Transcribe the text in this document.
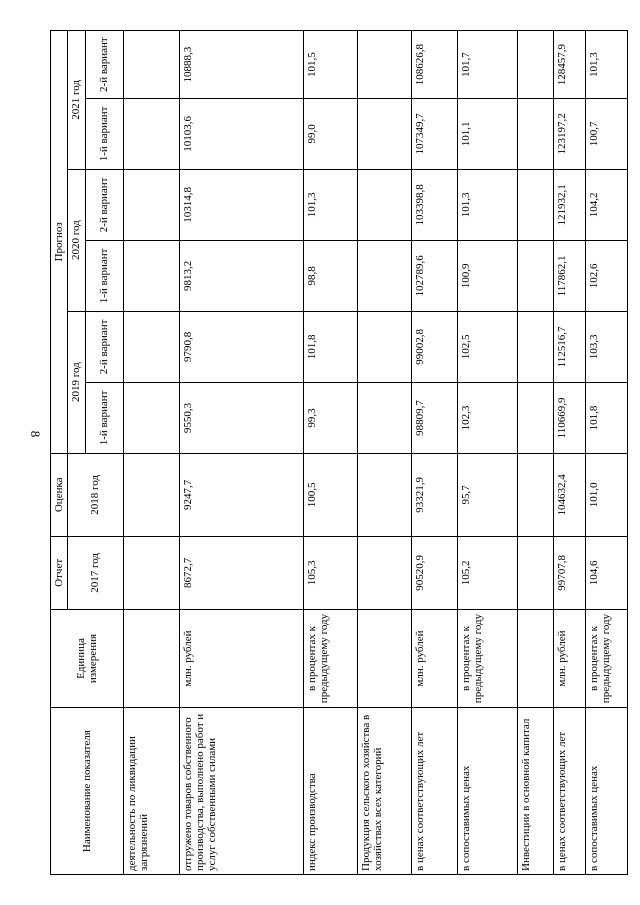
8
Наименование показателя	Единица измерения	Отчет	Оценка	Прогноз					
		2017 год	2018 год	2019 год		2020 год		2021 год	
				1-й вариант	2-й вариант	1-й вариант	2-й вариант	1-й вариант	2-й вариант
деятельность по ликвидации загрязнений									
отгружено товаров собственного производства, выполнено работ и услуг собственными силами	млн. рублей	8672,7	9247,7	9550,3	9790,8	9813,2	10314,8	10103,6	10888,3
индекс производства	в процентах к предыдущему году	105,3	100,5	99,3	101,8	98,8	101,3	99,0	101,5
Продукция сельского хозяйства в хозяйствах всех категорий									
в ценах соответствующих лет	млн. рублей	90520,9	93321,9	98809,7	99002,8	102789,6	103398,8	107349,7	108626,8
в сопоставимых ценах	в процентах к предыдущему году	105,2	95,7	102,3	102,5	100,9	101,3	101,1	101,7
Инвестиции в основной капитал									
в ценах соответствующих лет	млн. рублей	99707,8	104632,4	110669,9	112516,7	117862,1	121932,1	123197,2	128457,9
в сопоставимых ценах	в процентах к предыдущему году	104,6	101,0	101,8	103,3	102,6	104,2	100,7	101,3
